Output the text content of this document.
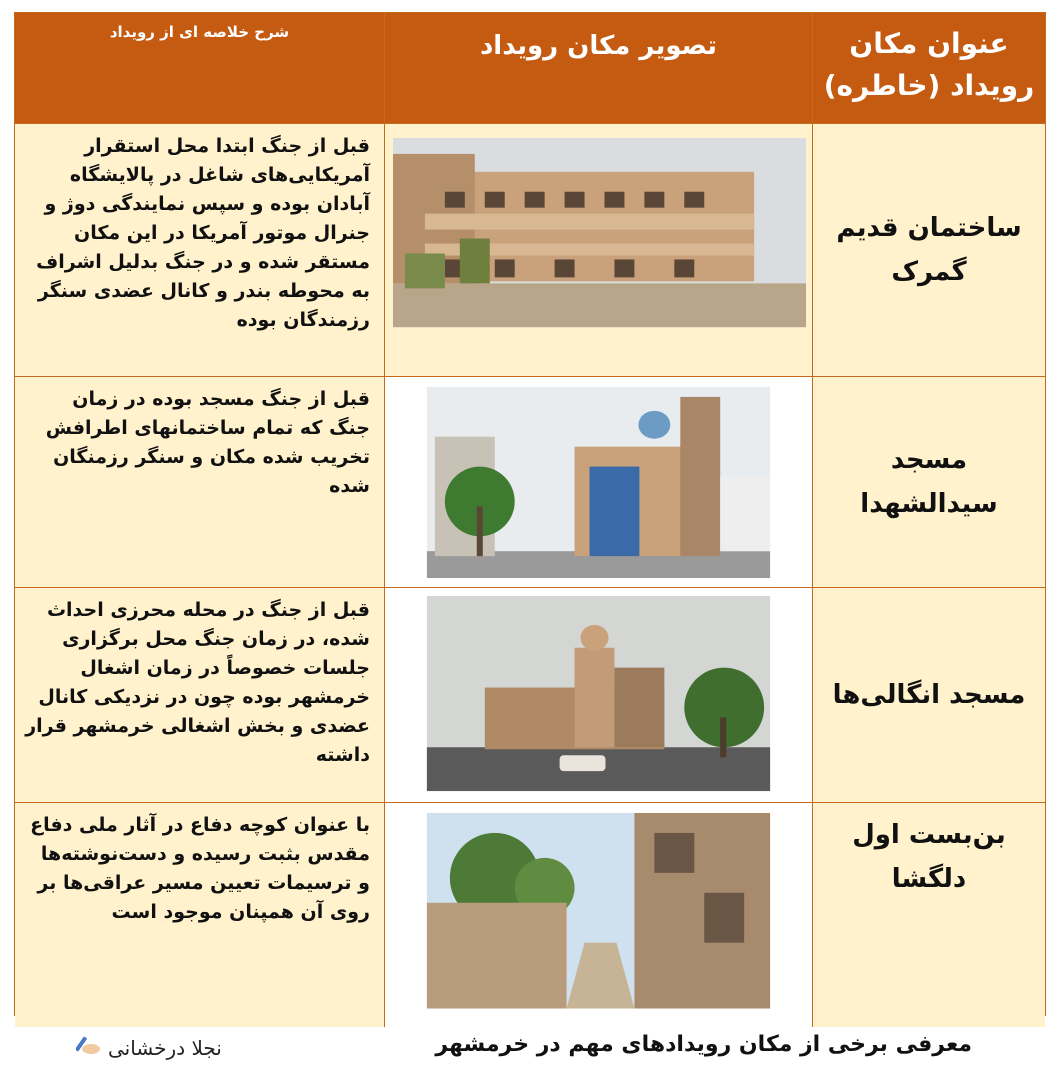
عنوان مکان
رویداد (خاطره)
تصویر مکان رویداد
شرح خلاصه ای از رویداد
ساختمان قدیم
گمرک
قبل از جنگ ابتدا محل استقرار آمریکایی‌های شاغل در پالایشگاه آبادان بوده و سپس نمایندگی دوژ و جنرال موتور آمریکا در این مکان مستقر شده و در جنگ بدلیل اشراف به محوطه بندر و کانال عضدی سنگر رزمندگان بوده
مسجد
سیدالشهدا
قبل از جنگ مسجد بوده در زمان جنگ که تمام ساختمانهای اطرافش تخریب شده مکان و سنگر رزمنگان شده
مسجد انگالی‌ها
قبل از جنگ در محله محرزی احداث شده، در زمان جنگ محل برگزاری جلسات خصوصاً در زمان اشغال خرمشهر بوده چون در نزدیکی کانال عضدی و بخش اشغالی خرمشهر قرار داشته
بن‌بست اول
دلگشا
با عنوان کوچه دفاع در آثار ملی دفاع مقدس بثبت رسیده و دست‌نوشته‌ها و ترسیمات تعیین مسیر عراقی‌ها بر روی آن همپنان موجود است
معرفی برخی از مکان رویدادهای مهم در خرمشهر
نجلا درخشانی
